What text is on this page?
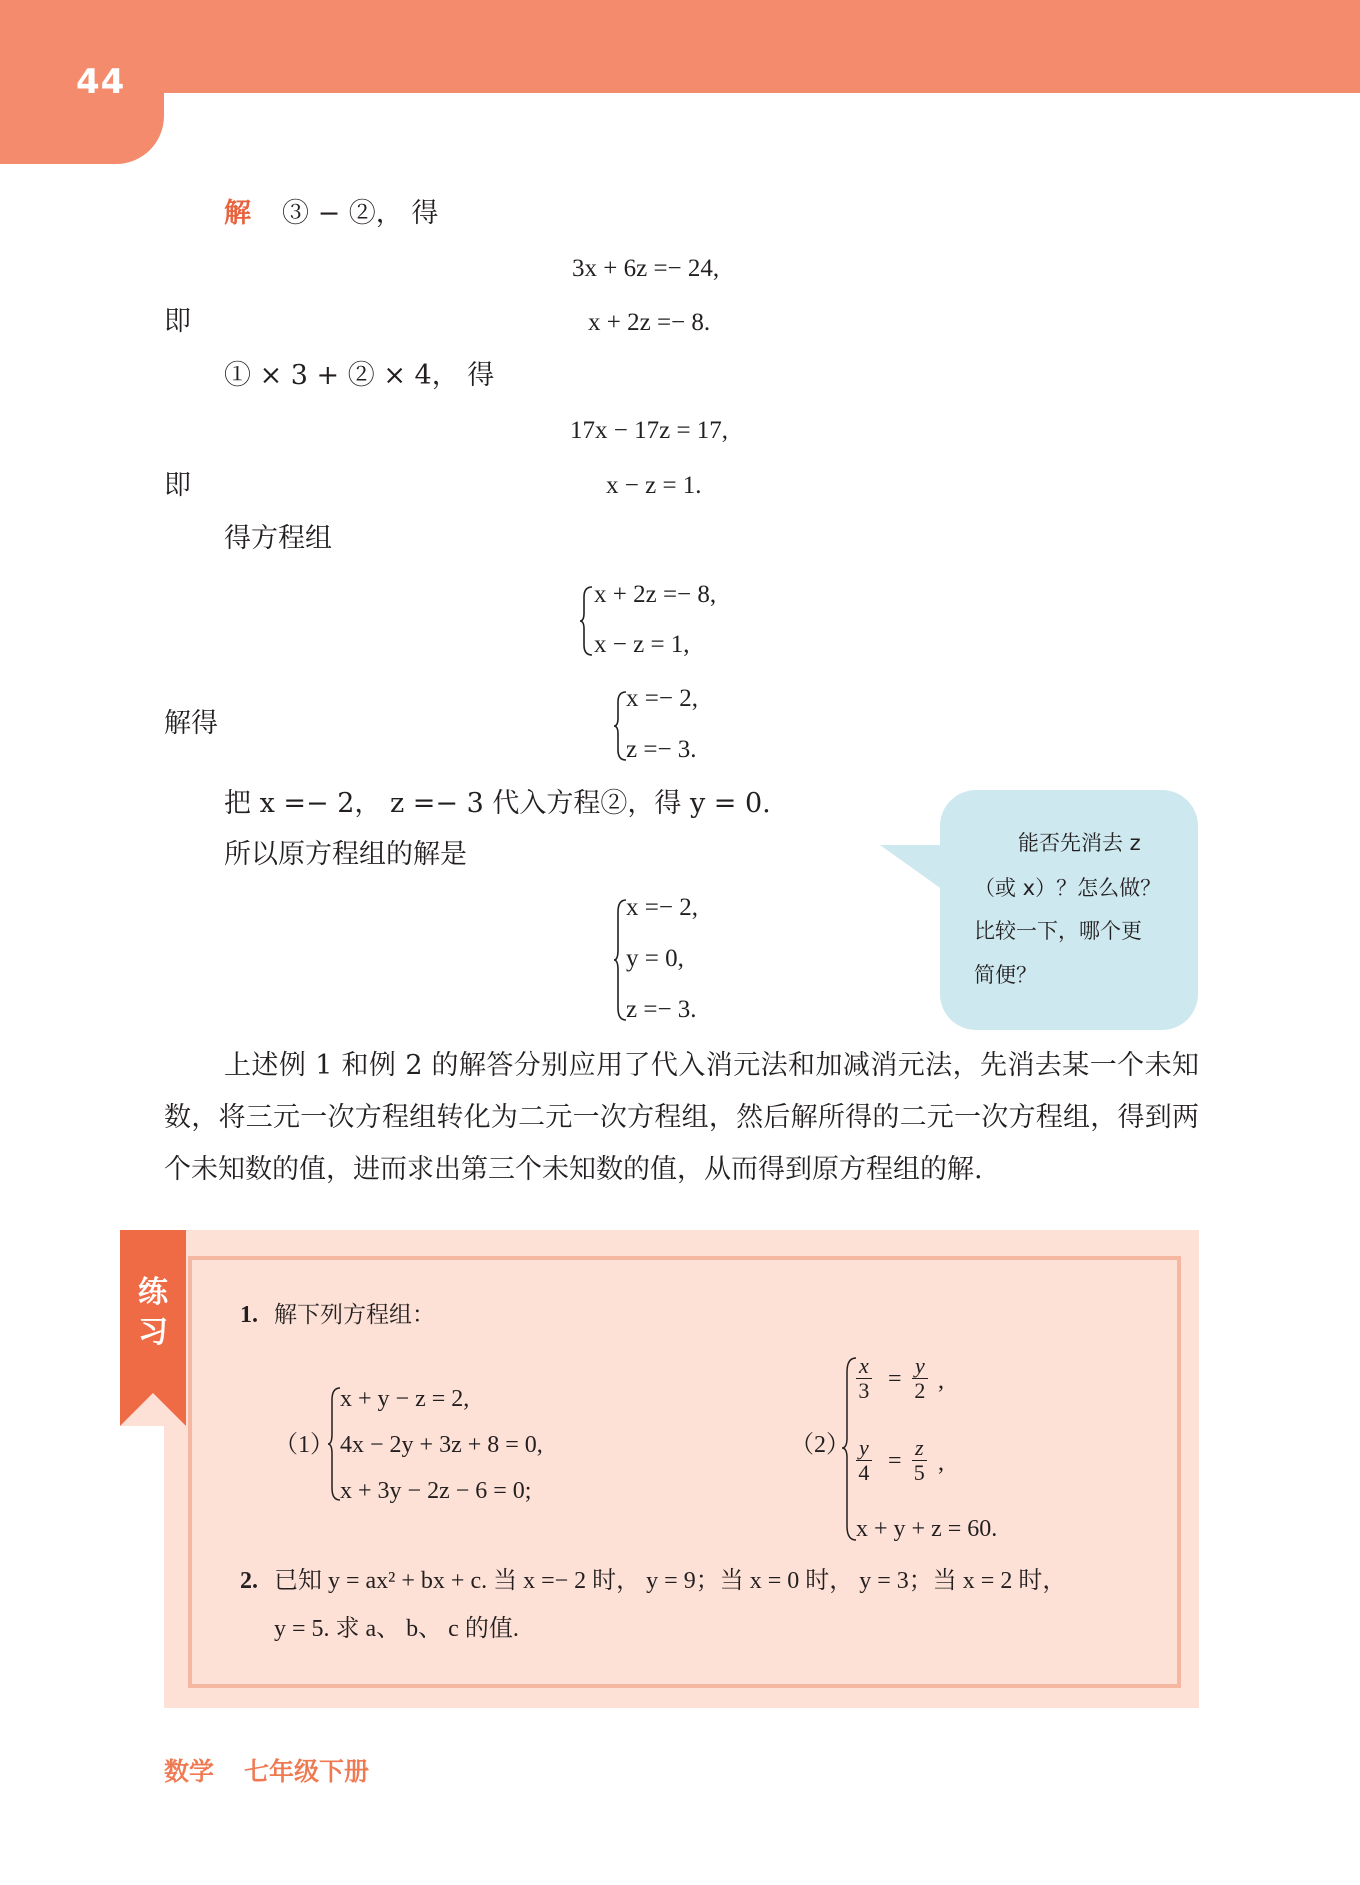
44
解 ③ − ②， 得
3x + 6z =− 24,
即	x + 2z =− 8.
① × 3 + ② × 4， 得
17x − 17z = 17,
即	x − z = 1.
得方程组
x + 2z =− 8,
x − z = 1,
解得
x =− 2,
z =− 3.
把 x =− 2， z =− 3 代入方程②，得 y = 0.
所以原方程组的解是
x =− 2,
y = 0,
z =− 3.
能否先消去 z
（或 x）？怎么做？
比较一下，哪个更
简便？
上述例 1 和例 2 的解答分别应用了代入消元法和加减消元法，先消去某一个未知数，将三元一次方程组转化为二元一次方程组，然后解所得的二元一次方程组，得到两个未知数的值，进而求出第三个未知数的值，从而得到原方程组的解.
练
习	1. 解下列方程组：
（1）
x + y − z = 2,
4x − 2y + 3z + 8 = 0,
x + 3y − 2z − 6 = 0;
（2）
$\frac{x}{3} = \frac{y}{2}$ ,
$\frac{y}{4} = \frac{z}{5}$ ,
x + y + z = 60.
2. 已知 y = ax² + bx + c. 当 x =− 2 时， y = 9；当 x = 0 时， y = 3；当 x = 2 时，
y = 5. 求 a、 b、 c 的值.
数学 七年级下册
